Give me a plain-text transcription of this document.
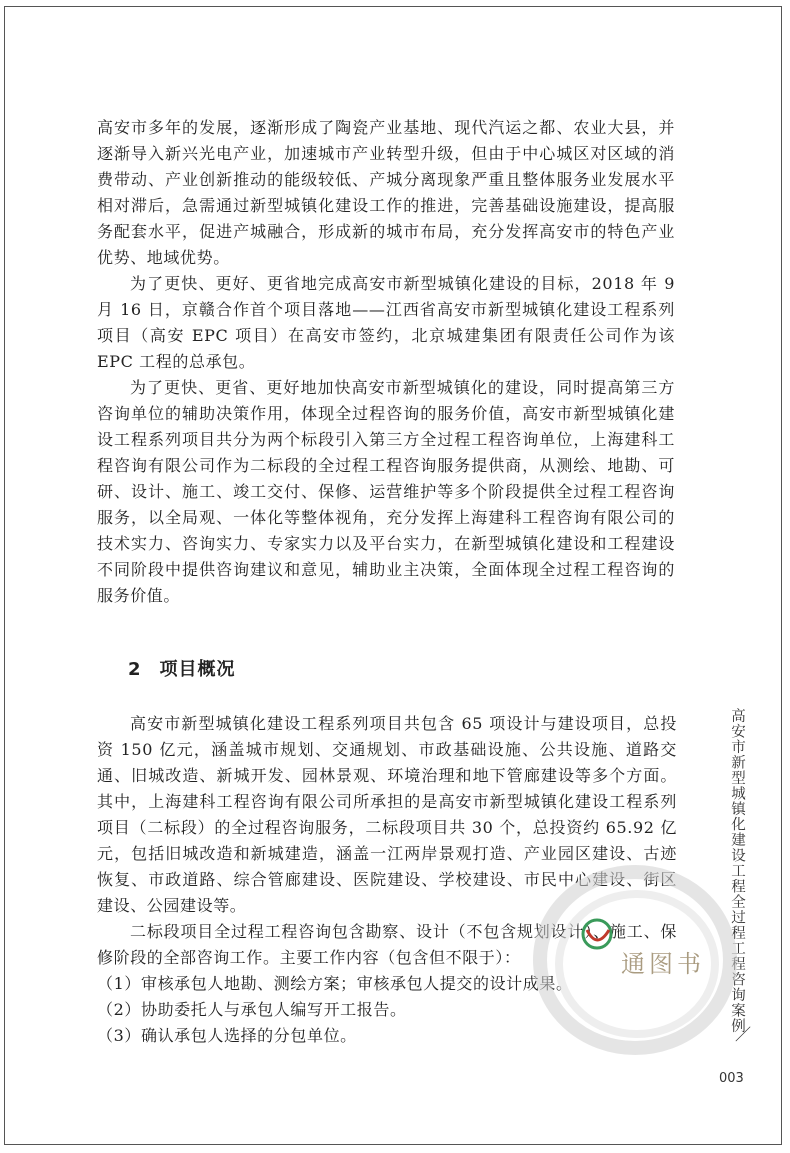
高安市多年的发展，逐渐形成了陶瓷产业基地、现代汽运之都、农业大县，并逐渐导入新兴光电产业，加速城市产业转型升级，但由于中心城区对区域的消费带动、产业创新推动的能级较低、产城分离现象严重且整体服务业发展水平相对滞后，急需通过新型城镇化建设工作的推进，完善基础设施建设，提高服务配套水平，促进产城融合，形成新的城市布局，充分发挥高安市的特色产业优势、地域优势。

为了更快、更好、更省地完成高安市新型城镇化建设的目标，2018 年 9 月 16 日，京赣合作首个项目落地——江西省高安市新型城镇化建设工程系列项目（高安 EPC 项目）在高安市签约，北京城建集团有限责任公司作为该 EPC 工程的总承包。

为了更快、更省、更好地加快高安市新型城镇化的建设，同时提高第三方咨询单位的辅助决策作用，体现全过程咨询的服务价值，高安市新型城镇化建设工程系列项目共分为两个标段引入第三方全过程工程咨询单位，上海建科工程咨询有限公司作为二标段的全过程工程咨询服务提供商，从测绘、地勘、可研、设计、施工、竣工交付、保修、运营维护等多个阶段提供全过程工程咨询服务，以全局观、一体化等整体视角，充分发挥上海建科工程咨询有限公司的技术实力、咨询实力、专家实力以及平台实力，在新型城镇化建设和工程建设不同阶段中提供咨询建议和意见，辅助业主决策，全面体现全过程工程咨询的服务价值。

2 项目概况

高安市新型城镇化建设工程系列项目共包含 65 项设计与建设项目，总投资 150 亿元，涵盖城市规划、交通规划、市政基础设施、公共设施、道路交通、旧城改造、新城开发、园林景观、环境治理和地下管廊建设等多个方面。其中，上海建科工程咨询有限公司所承担的是高安市新型城镇化建设工程系列项目（二标段）的全过程咨询服务，二标段项目共 30 个，总投资约 65.92 亿元，包括旧城改造和新城建造，涵盖一江两岸景观打造、产业园区建设、古迹恢复、市政道路、综合管廊建设、医院建设、学校建设、市民中心建设、街区建设、公园建设等。

二标段项目全过程工程咨询包含勘察、设计（不包含规划设计）、施工、保修阶段的全部咨询工作。主要工作内容（包含但不限于）：

（1）审核承包人地勘、测绘方案；审核承包人提交的设计成果。

（2）协助委托人与承包人编写开工报告。

（3）确认承包人选择的分包单位。

高安市新型城镇化建设工程全过程工程咨询案例
／
003
通图书
